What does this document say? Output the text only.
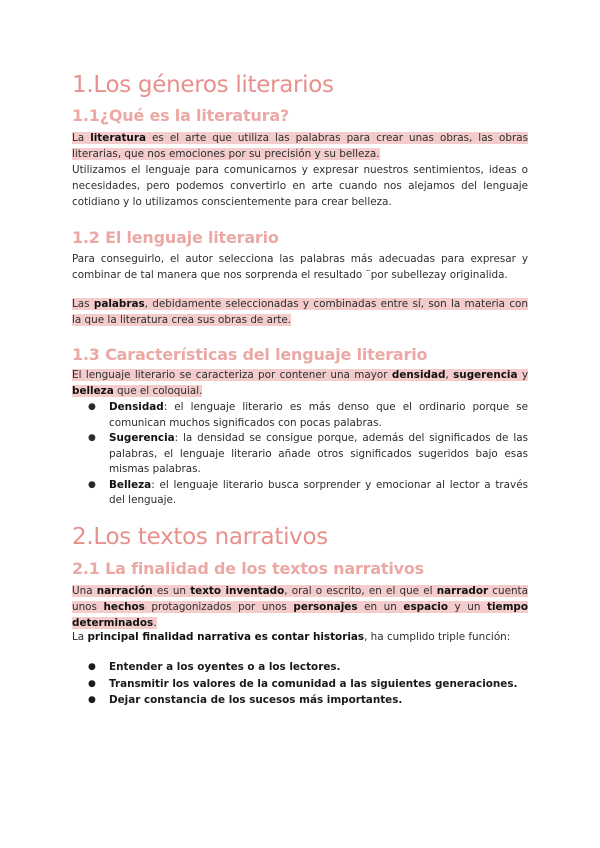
1.Los géneros literarios
1.1¿Qué es la literatura?

La literatura es el arte que utiliza las palabras para crear unas obras, las obras literarias, que nos emociones por su precisión y su belleza.

Utilizamos el lenguaje para comunicarnos y expresar nuestros sentimientos, ideas o necesidades, pero podemos convertirlo en arte cuando nos alejamos del lenguaje cotidiano y lo utilizamos conscientemente para crear belleza.

1.2 El lenguaje literario

Para conseguirlo, el autor selecciona las palabras más adecuadas para expresar y combinar de tal manera que nos sorprenda el resultado ¨por subellezay originalida.

Las palabras, debidamente seleccionadas y combinadas entre sí, son la materia con la que la literatura crea sus obras de arte.

1.3 Características del lenguaje literario

El lenguaje literario se caracteriza por contener una mayor densidad, sugerencia y belleza que el coloquial.

● Densidad: el lenguaje literario es más denso que el ordinario porque se comunican muchos significados con pocas palabras.
● Sugerencia: la densidad se consigue porque, además del significados de las palabras, el lenguaje literario añade otros significados sugeridos bajo esas mismas palabras.
● Belleza: el lenguaje literario busca sorprender y emocionar al lector a través del lenguaje.
2.Los textos narrativos
2.1 La finalidad de los textos narrativos

Una narración es un texto inventado, oral o escrito, en el que el narrador cuenta unos hechos protagonizados por unos personajes en un espacio y un tiempo determinados.

La principal finalidad narrativa es contar historias, ha cumplido triple función:

● Entender a los oyentes o a los lectores.
● Transmitir los valores de la comunidad a las siguientes generaciones.
● Dejar constancia de los sucesos más importantes.
